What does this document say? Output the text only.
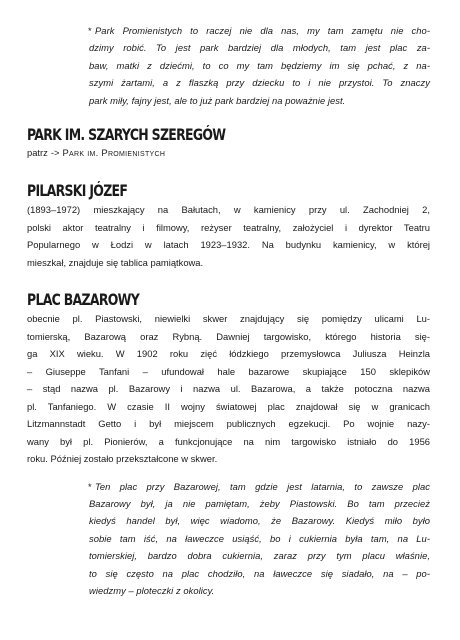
* Park Promienistych to raczej nie dla nas, my tam zamętu nie cho-
dzimy robić. To jest park bardziej dla młodych, tam jest plac za-
baw, matki z dziećmi, to co my tam będziemy im się pchać, z na-
szymi żartami, a z flaszką przy dziecku to i nie przystoi. To znaczy
park miły, fajny jest, ale to już park bardziej na poważnie jest.
PARK IM. SZARYCH SZEREGÓW
patrz -> Park im. Promienistych
PILARSKI JÓZEF
(1893–1972) mieszkający na Bałutach, w kamienicy przy ul. Zachodniej 2,
polski aktor teatralny i filmowy, reżyser teatralny, założyciel i dyrektor Teatru
Popularnego w Łodzi w latach 1923–1932. Na budynku kamienicy, w której
mieszkał, znajduje się tablica pamiątkowa.
PLAC BAZAROWY
obecnie pl. Piastowski, niewielki skwer znajdujący się pomiędzy ulicami Lu-
tomierską, Bazarową oraz Rybną. Dawniej targowisko, którego historia się-
ga XIX wieku. W 1902 roku zięć łódzkiego przemysłowca Juliusza Heinzla
– Giuseppe Tanfani – ufundował hale bazarowe skupiające 150 sklepików
– stąd nazwa pl. Bazarowy i nazwa ul. Bazarowa, a także potoczna nazwa
pl. Tanfaniego. W czasie II wojny światowej plac znajdował się w granicach
Litzmannstadt Getto i był miejscem publicznych egzekucji. Po wojnie nazy-
wany był pl. Pionierów, a funkcjonujące na nim targowisko istniało do 1956
roku. Później zostało przekształcone w skwer.
* Ten plac przy Bazarowej, tam gdzie jest latarnia, to zawsze plac
Bazarowy był, ja nie pamiętam, żeby Piastowski. Bo tam przecież
kiedyś handel był, więc wiadomo, że Bazarowy. Kiedyś miło było
sobie tam iść, na ławeczce usiąść, bo i cukiernia była tam, na Lu-
tomierskiej, bardzo dobra cukiernia, zaraz przy tym placu właśnie,
to się często na plac chodziło, na ławeczce się siadało, na – po-
wiedzmy – ploteczki z okolicy.
